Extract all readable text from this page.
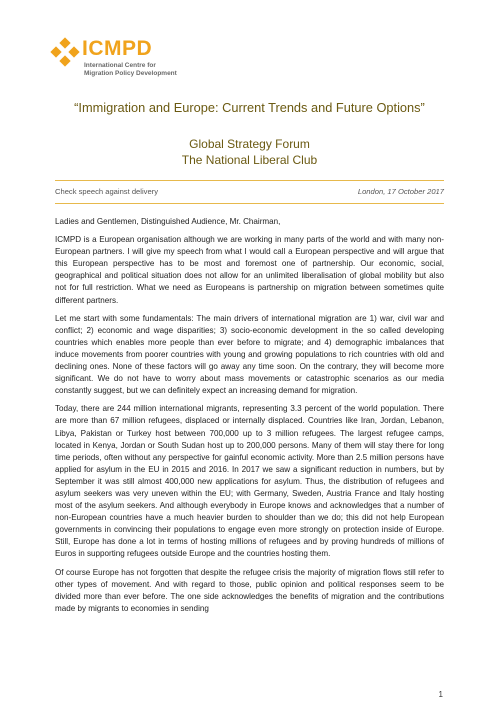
ICMPD
International Centre for
Migration Policy Development
“Immigration and Europe: Current Trends and Future Options”
Global Strategy Forum
The National Liberal Club
Check speech against delivery	London, 17 October 2017

Ladies and Gentlemen, Distinguished Audience, Mr. Chairman,

ICMPD is a European organisation although we are working in many parts of the world and with many non-European partners. I will give my speech from what I would call a European perspective and will argue that this European perspective has to be most and foremost one of partnership. Our economic, social, geographical and political situation does not allow for an unlimited liberalisation of global mobility but also not for full restriction. What we need as Europeans is partnership on migration between sometimes quite different partners.

Let me start with some fundamentals: The main drivers of international migration are 1) war, civil war and conflict; 2) economic and wage disparities; 3) socio-economic development in the so called developing countries which enables more people than ever before to migrate; and 4) demographic imbalances that induce movements from poorer countries with young and growing populations to rich countries with old and declining ones. None of these factors will go away any time soon. On the contrary, they will become more significant. We do not have to worry about mass movements or catastrophic scenarios as our media constantly suggest, but we can definitely expect an increasing demand for migration.

Today, there are 244 million international migrants, representing 3.3 percent of the world population. There are more than 67 million refugees, displaced or internally displaced. Countries like Iran, Jordan, Lebanon, Libya, Pakistan or Turkey host between 700,000 up to 3 million refugees. The largest refugee camps, located in Kenya, Jordan or South Sudan host up to 200,000 persons. Many of them will stay there for long time periods, often without any perspective for gainful economic activity. More than 2.5 million persons have applied for asylum in the EU in 2015 and 2016. In 2017 we saw a significant reduction in numbers, but by September it was still almost 400,000 new applications for asylum. Thus, the distribution of refugees and asylum seekers was very uneven within the EU; with Germany, Sweden, Austria France and Italy hosting most of the asylum seekers. And although everybody in Europe knows and acknowledges that a number of non-European countries have a much heavier burden to shoulder than we do; this did not help European governments in convincing their populations to engage even more strongly on protection inside of Europe. Still, Europe has done a lot in terms of hosting millions of refugees and by proving hundreds of millions of Euros in supporting refugees outside Europe and the countries hosting them.

Of course Europe has not forgotten that despite the refugee crisis the majority of migration flows still refer to other types of movement. And with regard to those, public opinion and political responses seem to be divided more than ever before. The one side acknowledges the benefits of migration and the contributions made by migrants to economies in sending

1
